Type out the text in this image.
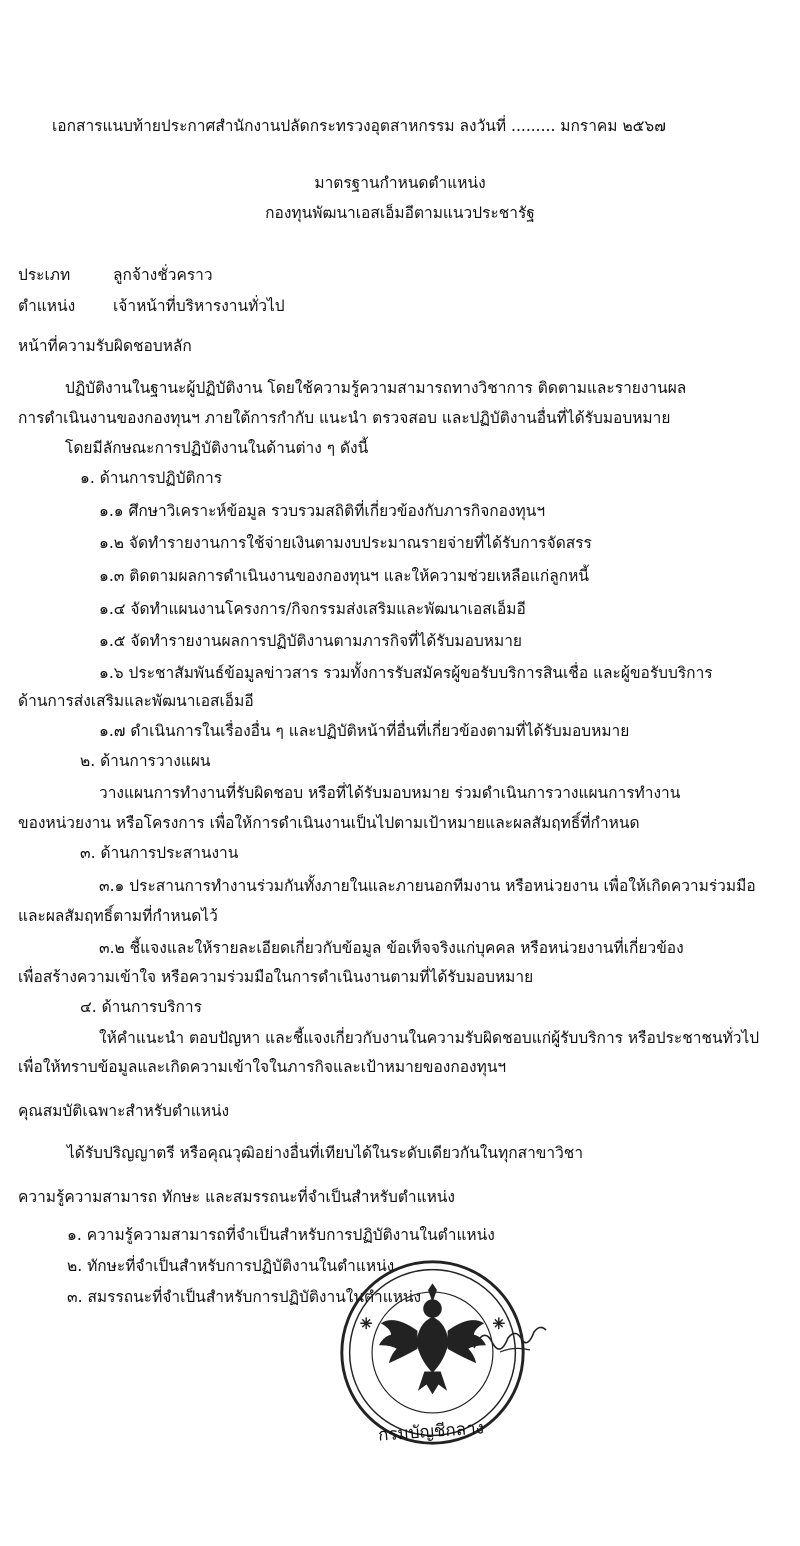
เอกสารแนบท้ายประกาศสำนักงานปลัดกระทรวงอุตสาหกรรม ลงวันที่ ......... มกราคม ๒๕๖๗
มาตรฐานกำหนดตำแหน่ง
กองทุนพัฒนาเอสเอ็มอีตามแนวประชารัฐ
ประเภท	ลูกจ้างชั่วคราว
ตำแหน่ง เจ้าหน้าที่บริหารงานทั่วไป
หน้าที่ความรับผิดชอบหลัก
ปฏิบัติงานในฐานะผู้ปฏิบัติงาน โดยใช้ความรู้ความสามารถทางวิชาการ ติดตามและรายงานผล
การดำเนินงานของกองทุนฯ ภายใต้การกำกับ แนะนำ ตรวจสอบ และปฏิบัติงานอื่นที่ได้รับมอบหมาย
โดยมีลักษณะการปฏิบัติงานในด้านต่าง ๆ ดังนี้
๑. ด้านการปฏิบัติการ
๑.๑ ศึกษาวิเคราะห์ข้อมูล รวบรวมสถิติที่เกี่ยวข้องกับภารกิจกองทุนฯ
๑.๒ จัดทำรายงานการใช้จ่ายเงินตามงบประมาณรายจ่ายที่ได้รับการจัดสรร
๑.๓ ติดตามผลการดำเนินงานของกองทุนฯ และให้ความช่วยเหลือแก่ลูกหนี้
๑.๔ จัดทำแผนงานโครงการ/กิจกรรมส่งเสริมและพัฒนาเอสเอ็มอี
๑.๕ จัดทำรายงานผลการปฏิบัติงานตามภารกิจที่ได้รับมอบหมาย
๑.๖ ประชาสัมพันธ์ข้อมูลข่าวสาร รวมทั้งการรับสมัครผู้ขอรับบริการสินเชื่อ และผู้ขอรับบริการ
ด้านการส่งเสริมและพัฒนาเอสเอ็มอี
๑.๗ ดำเนินการในเรื่องอื่น ๆ และปฏิบัติหน้าที่อื่นที่เกี่ยวข้องตามที่ได้รับมอบหมาย
๒. ด้านการวางแผน
วางแผนการทำงานที่รับผิดชอบ หรือที่ได้รับมอบหมาย ร่วมดำเนินการวางแผนการทำงาน
ของหน่วยงาน หรือโครงการ เพื่อให้การดำเนินงานเป็นไปตามเป้าหมายและผลสัมฤทธิ์ที่กำหนด
๓. ด้านการประสานงาน
๓.๑ ประสานการทำงานร่วมกันทั้งภายในและภายนอกทีมงาน หรือหน่วยงาน เพื่อให้เกิดความร่วมมือ
และผลสัมฤทธิ์ตามที่กำหนดไว้
๓.๒ ชี้แจงและให้รายละเอียดเกี่ยวกับข้อมูล ข้อเท็จจริงแก่บุคคล หรือหน่วยงานที่เกี่ยวข้อง
เพื่อสร้างความเข้าใจ หรือความร่วมมือในการดำเนินงานตามที่ได้รับมอบหมาย
๔. ด้านการบริการ
ให้คำแนะนำ ตอบปัญหา และชี้แจงเกี่ยวกับงานในความรับผิดชอบแก่ผู้รับบริการ หรือประชาชนทั่วไป
เพื่อให้ทราบข้อมูลและเกิดความเข้าใจในภารกิจและเป้าหมายของกองทุนฯ
คุณสมบัติเฉพาะสำหรับตำแหน่ง
ได้รับปริญญาตรี หรือคุณวุฒิอย่างอื่นที่เทียบได้ในระดับเดียวกันในทุกสาขาวิชา
ความรู้ความสามารถ ทักษะ และสมรรถนะที่จำเป็นสำหรับตำแหน่ง
๑. ความรู้ความสามารถที่จำเป็นสำหรับการปฏิบัติงานในตำแหน่ง
๒. ทักษะที่จำเป็นสำหรับการปฏิบัติงานในตำแหน่ง
๓. สมรรถนะที่จำเป็นสำหรับการปฏิบัติงานในตำแหน่ง
กรมบัญชีกลาง
